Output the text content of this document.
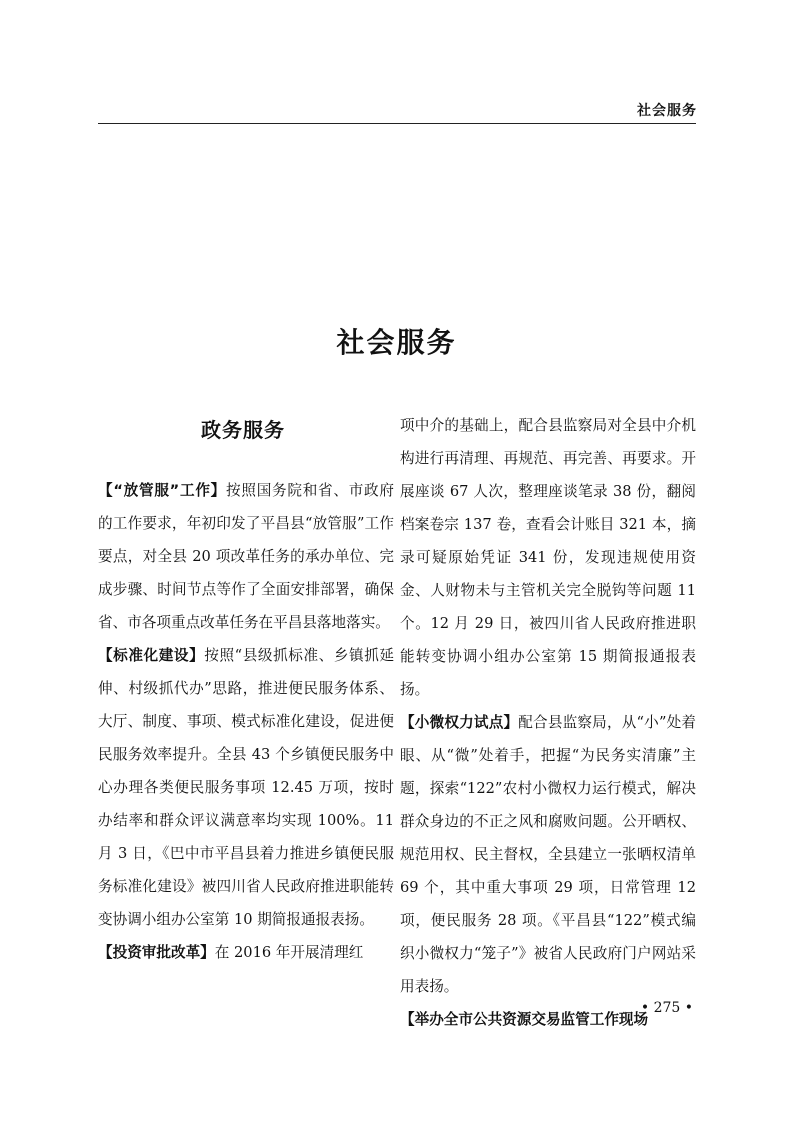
社会服务
社会服务
政务服务

【“放管服”工作】按照国务院和省、市政府的工作要求，年初印发了平昌县“放管服”工作要点，对全县 20 项改革任务的承办单位、完成步骤、时间节点等作了全面安排部署，确保省、市各项重点改革任务在平昌县落地落实。

【标准化建设】按照“县级抓标准、乡镇抓延伸、村级抓代办”思路，推进便民服务体系、大厅、制度、事项、模式标准化建设，促进便民服务效率提升。全县 43 个乡镇便民服务中心办理各类便民服务事项 12.45 万项，按时办结率和群众评议满意率均实现 100%。11 月 3 日，《巴中市平昌县着力推进乡镇便民服务标准化建设》被四川省人民政府推进职能转变协调小组办公室第 10 期简报通报表扬。

【投资审批改革】在 2016 年开展清理红

项中介的基础上，配合县监察局对全县中介机构进行再清理、再规范、再完善、再要求。开展座谈 67 人次，整理座谈笔录 38 份，翻阅档案卷宗 137 卷，查看会计账目 321 本，摘录可疑原始凭证 341 份，发现违规使用资金、人财物未与主管机关完全脱钩等问题 11 个。12 月 29 日，被四川省人民政府推进职能转变协调小组办公室第 15 期简报通报表扬。

【小微权力试点】配合县监察局，从“小”处着眼、从“微”处着手，把握“为民务实清廉”主题，探索“122”农村小微权力运行模式，解决群众身边的不正之风和腐败问题。公开晒权、规范用权、民主督权，全县建立一张晒权清单 69 个，其中重大事项 29 项，日常管理 12 项，便民服务 28 项。《平昌县“122”模式编织小微权力“笼子”》被省人民政府门户网站采用表扬。

【举办全市公共资源交易监管工作现场

• 275 •
